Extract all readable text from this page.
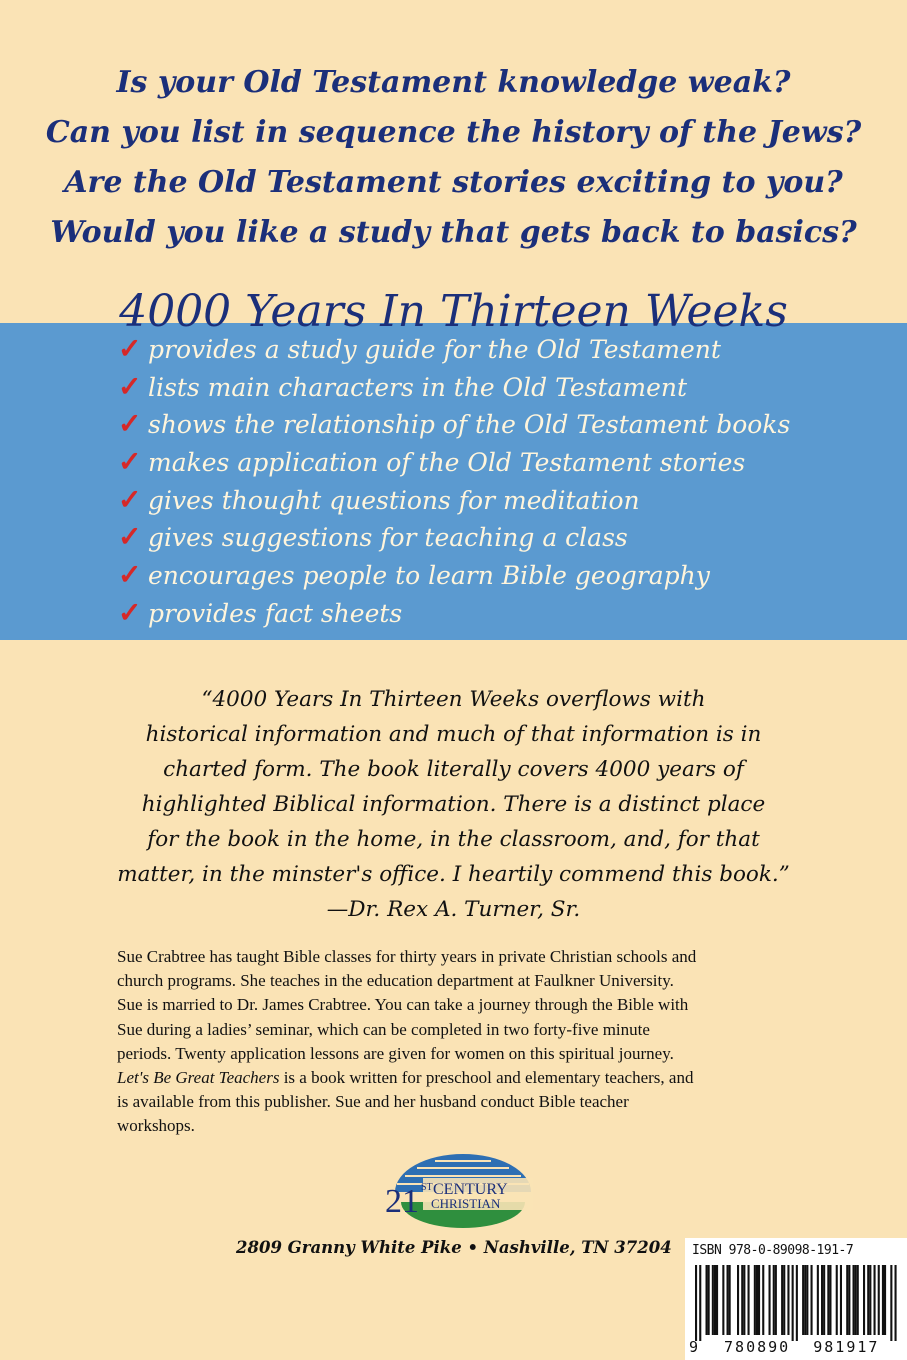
Is your Old Testament knowledge weak?
Can you list in sequence the history of the Jews?
Are the Old Testament stories exciting to you?
Would you like a study that gets back to basics?
4000 Years In Thirteen Weeks
✓ provides a study guide for the Old Testament
✓ lists main characters in the Old Testament
✓ shows the relationship of the Old Testament books
✓ makes application of the Old Testament stories
✓ gives thought questions for meditation
✓ gives suggestions for teaching a class
✓ encourages people to learn Bible geography
✓ provides fact sheets
“4000 Years In Thirteen Weeks overflows with
historical information and much of that information is in
charted form. The book literally covers 4000 years of
highlighted Biblical information. There is a distinct place
for the book in the home, in the classroom, and, for that
matter, in the minster's office. I heartily commend this book.”
—Dr. Rex A. Turner, Sr.
Sue Crabtree has taught Bible classes for thirty years in private Christian schools and
church programs. She teaches in the education department at Faulkner University.
Sue is married to Dr. James Crabtree. You can take a journey through the Bible with
Sue during a ladies’ seminar, which can be completed in two forty-five minute
periods. Twenty application lessons are given for women on this spiritual journey.
Let's Be Great Teachers is a book written for preschool and elementary teachers, and
is available from this publisher. Sue and her husband conduct Bible teacher
workshops.
21 ST CENTURY
CHRISTIAN
2809 Granny White Pike • Nashville, TN 37204 ISBN 978-0-89098-191-7
9 780890 981917
